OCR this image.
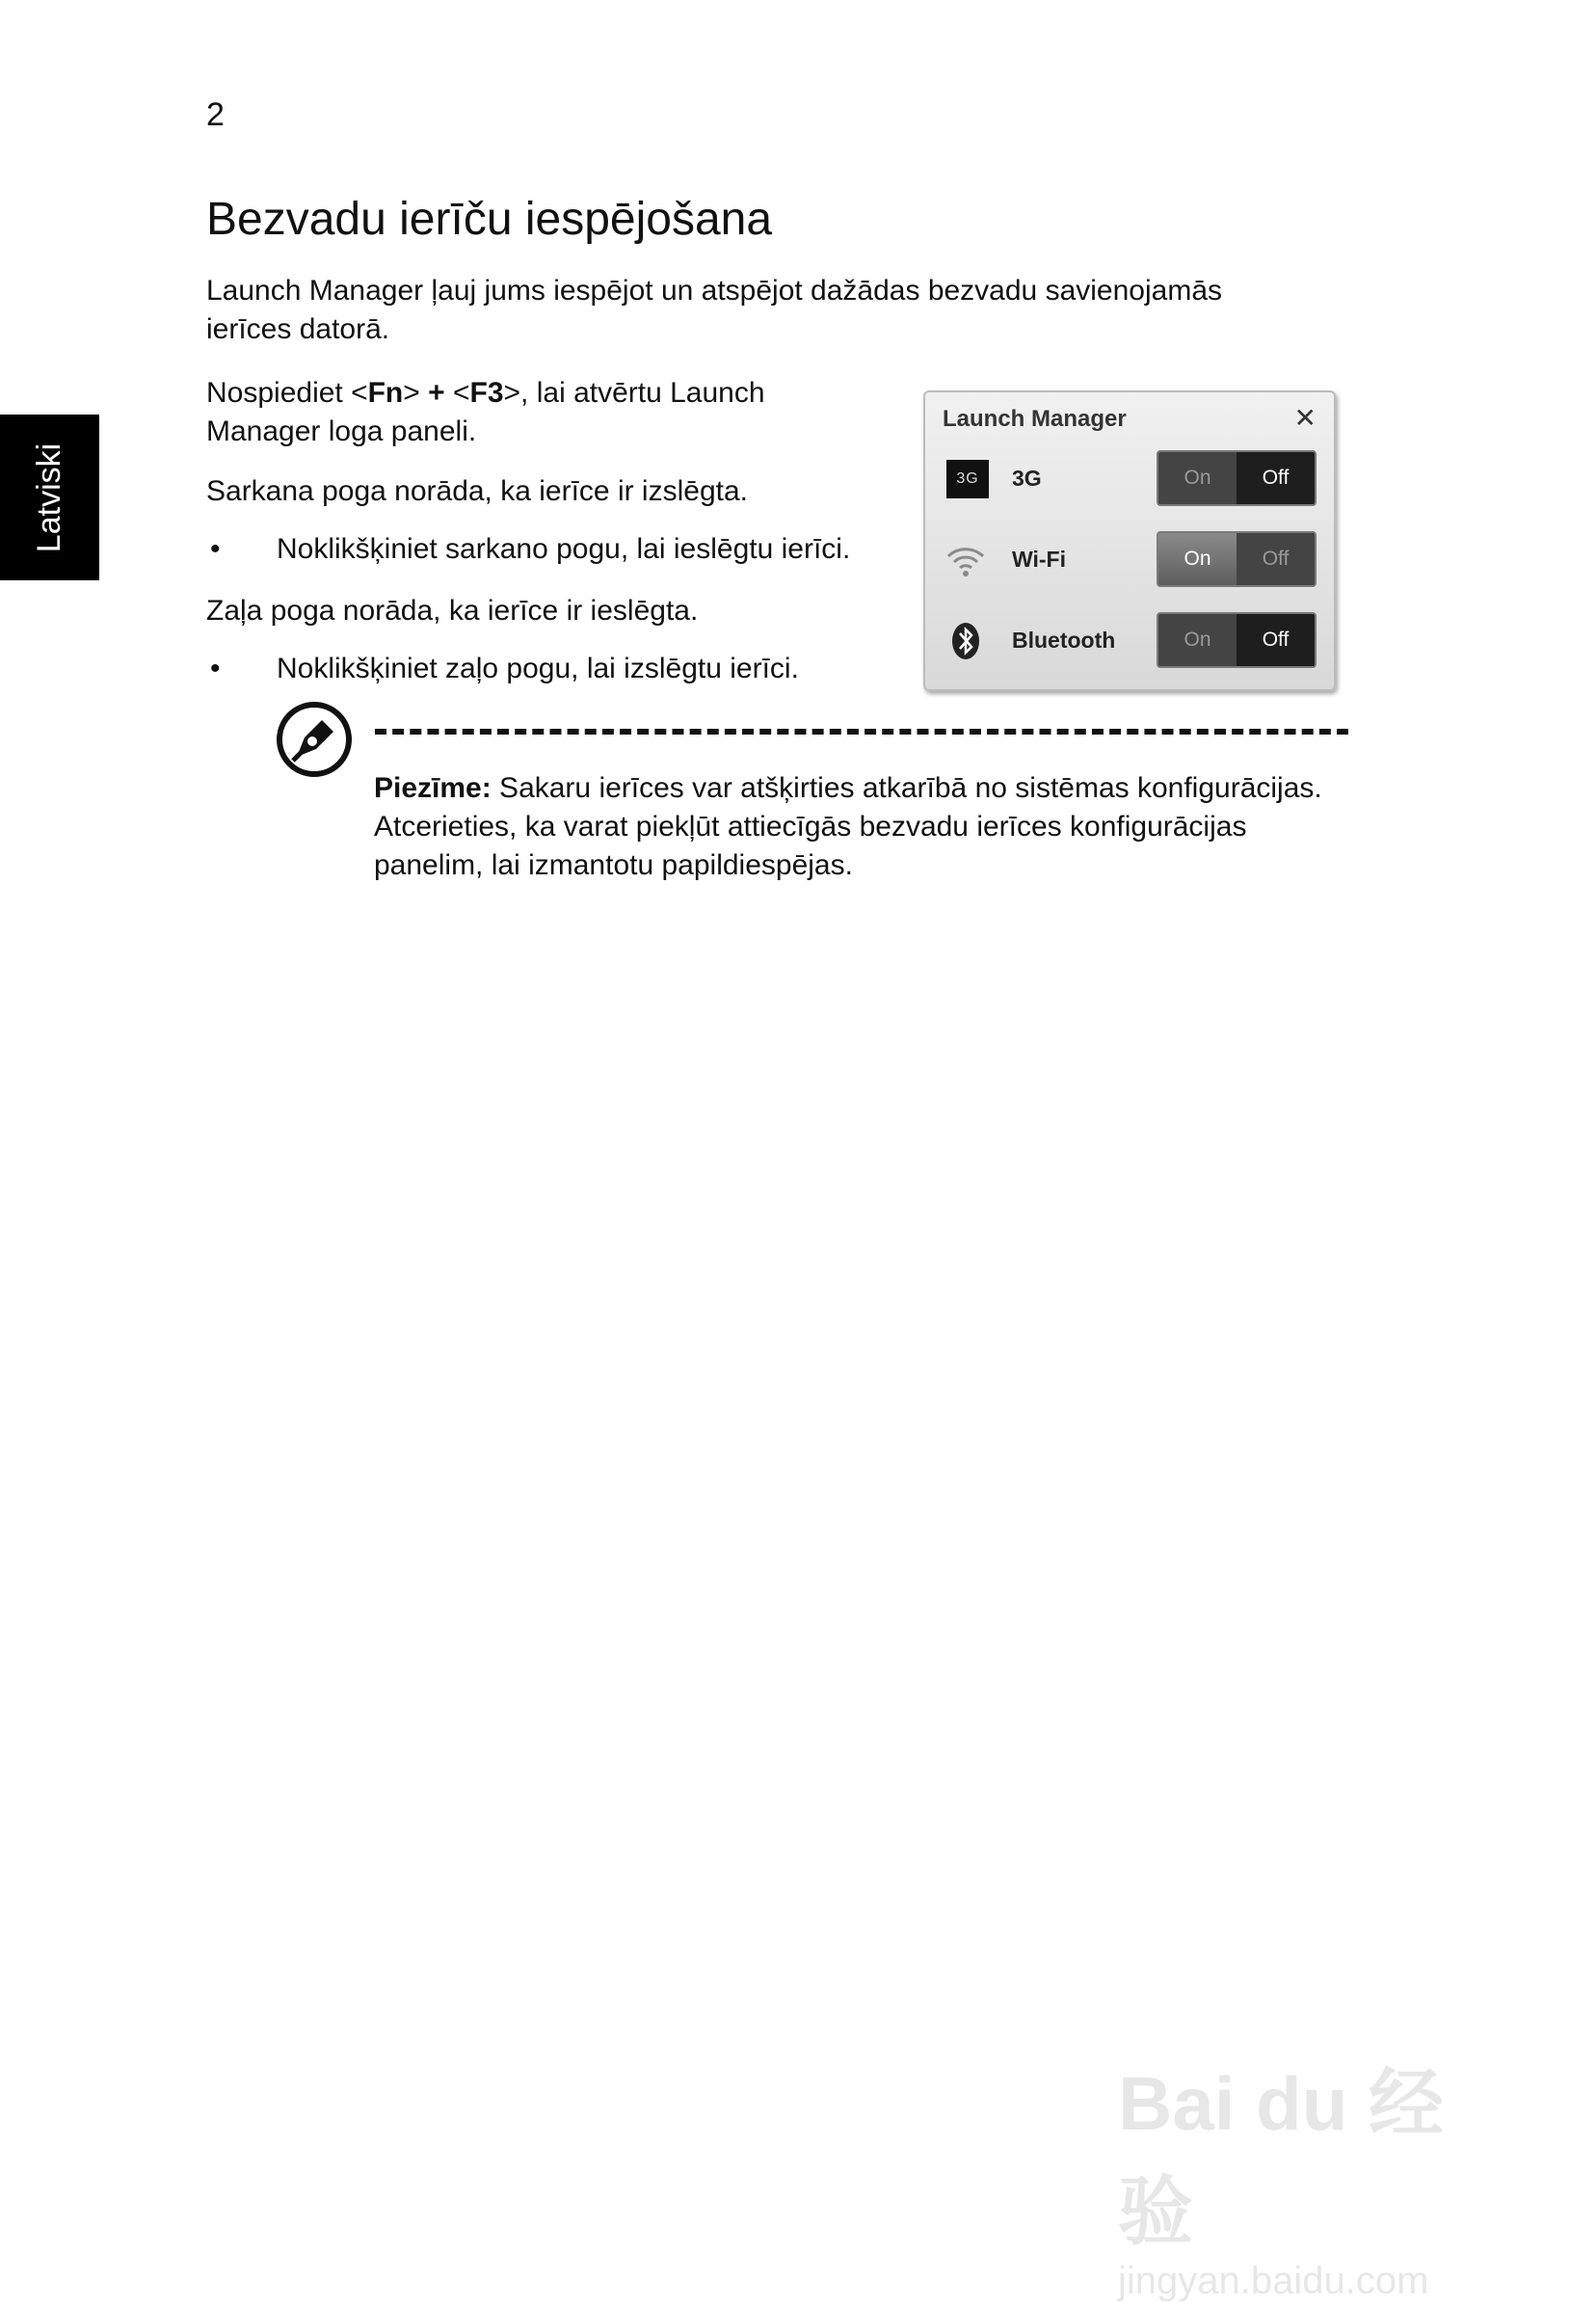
2
Latviski
Bezvadu ierīču iespējošana

Launch Manager ļauj jums iespējot un atspējot dažādas bezvadu savienojamās ierīces datorā.

Nospiediet <Fn> + <F3>, lai atvērtu Launch
Manager loga paneli.

Sarkana poga norāda, ka ierīce ir izslēgta.

• Noklikšķiniet sarkano pogu, lai ieslēgtu ierīci.

Zaļa poga norāda, ka ierīce ir ieslēgta.

• Noklikšķiniet zaļo pogu, lai izslēgtu ierīci.
Launch Manager	✕
3G 3G	On	Off
Wi-Fi	On	Off
Bluetooth	On	Off

Piezīme: Sakaru ierīces var atšķirties atkarībā no sistēmas konfigurācijas. Atcerieties, ka varat piekļūt attiecīgās bezvadu ierīces konfigurācijas panelim, lai izmantotu papildiespējas.

Bai du 经验
jingyan.baidu.com
